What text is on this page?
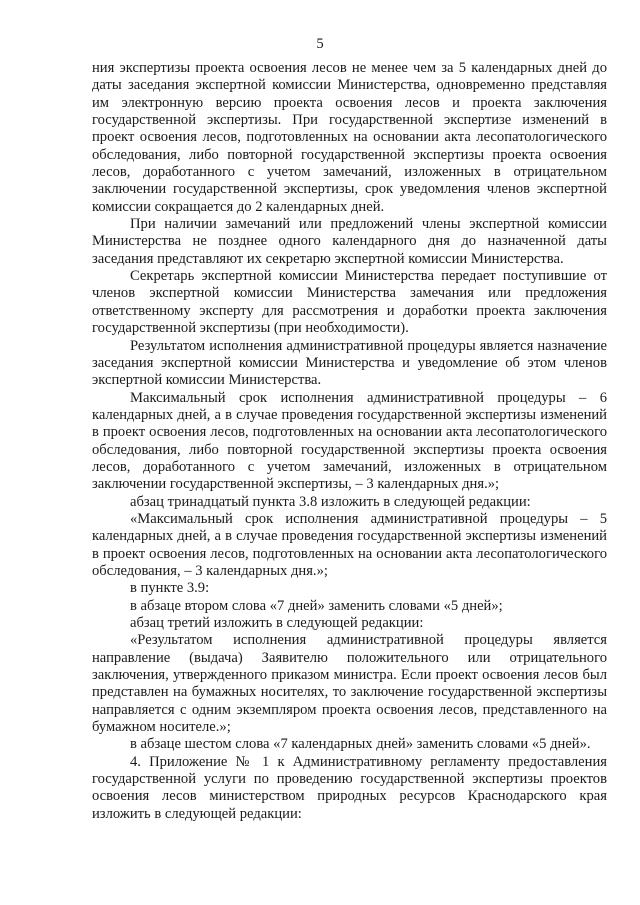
5

ния экспертизы проекта освоения лесов не менее чем за 5 календарных дней до даты заседания экспертной комиссии Министерства, одновременно представляя им электронную версию проекта освоения лесов и проекта заключения государственной экспертизы. При государственной экспертизе изменений в проект освоения лесов, подготовленных на основании акта лесопатологического обследования, либо повторной государственной экспертизы проекта освоения лесов, доработанного с учетом замечаний, изложенных в отрицательном заключении государственной экспертизы, срок уведомления членов экспертной комиссии сокращается до 2 календарных дней.

При наличии замечаний или предложений члены экспертной комиссии Министерства не позднее одного календарного дня до назначенной даты заседания представляют их секретарю экспертной комиссии Министерства.

Секретарь экспертной комиссии Министерства передает поступившие от членов экспертной комиссии Министерства замечания или предложения ответственному эксперту для рассмотрения и доработки проекта заключения государственной экспертизы (при необходимости).

Результатом исполнения административной процедуры является назначение заседания экспертной комиссии Министерства и уведомление об этом членов экспертной комиссии Министерства.

Максимальный срок исполнения административной процедуры – 6 календарных дней, а в случае проведения государственной экспертизы изменений в проект освоения лесов, подготовленных на основании акта лесопатологического обследования, либо повторной государственной экспертизы проекта освоения лесов, доработанного с учетом замечаний, изложенных в отрицательном заключении государственной экспертизы, – 3 календарных дня.»;

абзац тринадцатый пункта 3.8 изложить в следующей редакции:

«Максимальный срок исполнения административной процедуры – 5 календарных дней, а в случае проведения государственной экспертизы изменений в проект освоения лесов, подготовленных на основании акта лесопатологического обследования, – 3 календарных дня.»;

в пункте 3.9:

в абзаце втором слова «7 дней» заменить словами «5 дней»;

абзац третий изложить в следующей редакции:

«Результатом исполнения административной процедуры является направление (выдача) Заявителю положительного или отрицательного заключения, утвержденного приказом министра. Если проект освоения лесов был представлен на бумажных носителях, то заключение государственной экспертизы направляется с одним экземпляром проекта освоения лесов, представленного на бумажном носителе.»;

в абзаце шестом слова «7 календарных дней» заменить словами «5 дней».

4. Приложение № 1 к Административному регламенту предоставления государственной услуги по проведению государственной экспертизы проектов освоения лесов министерством природных ресурсов Краснодарского края изложить в следующей редакции:
